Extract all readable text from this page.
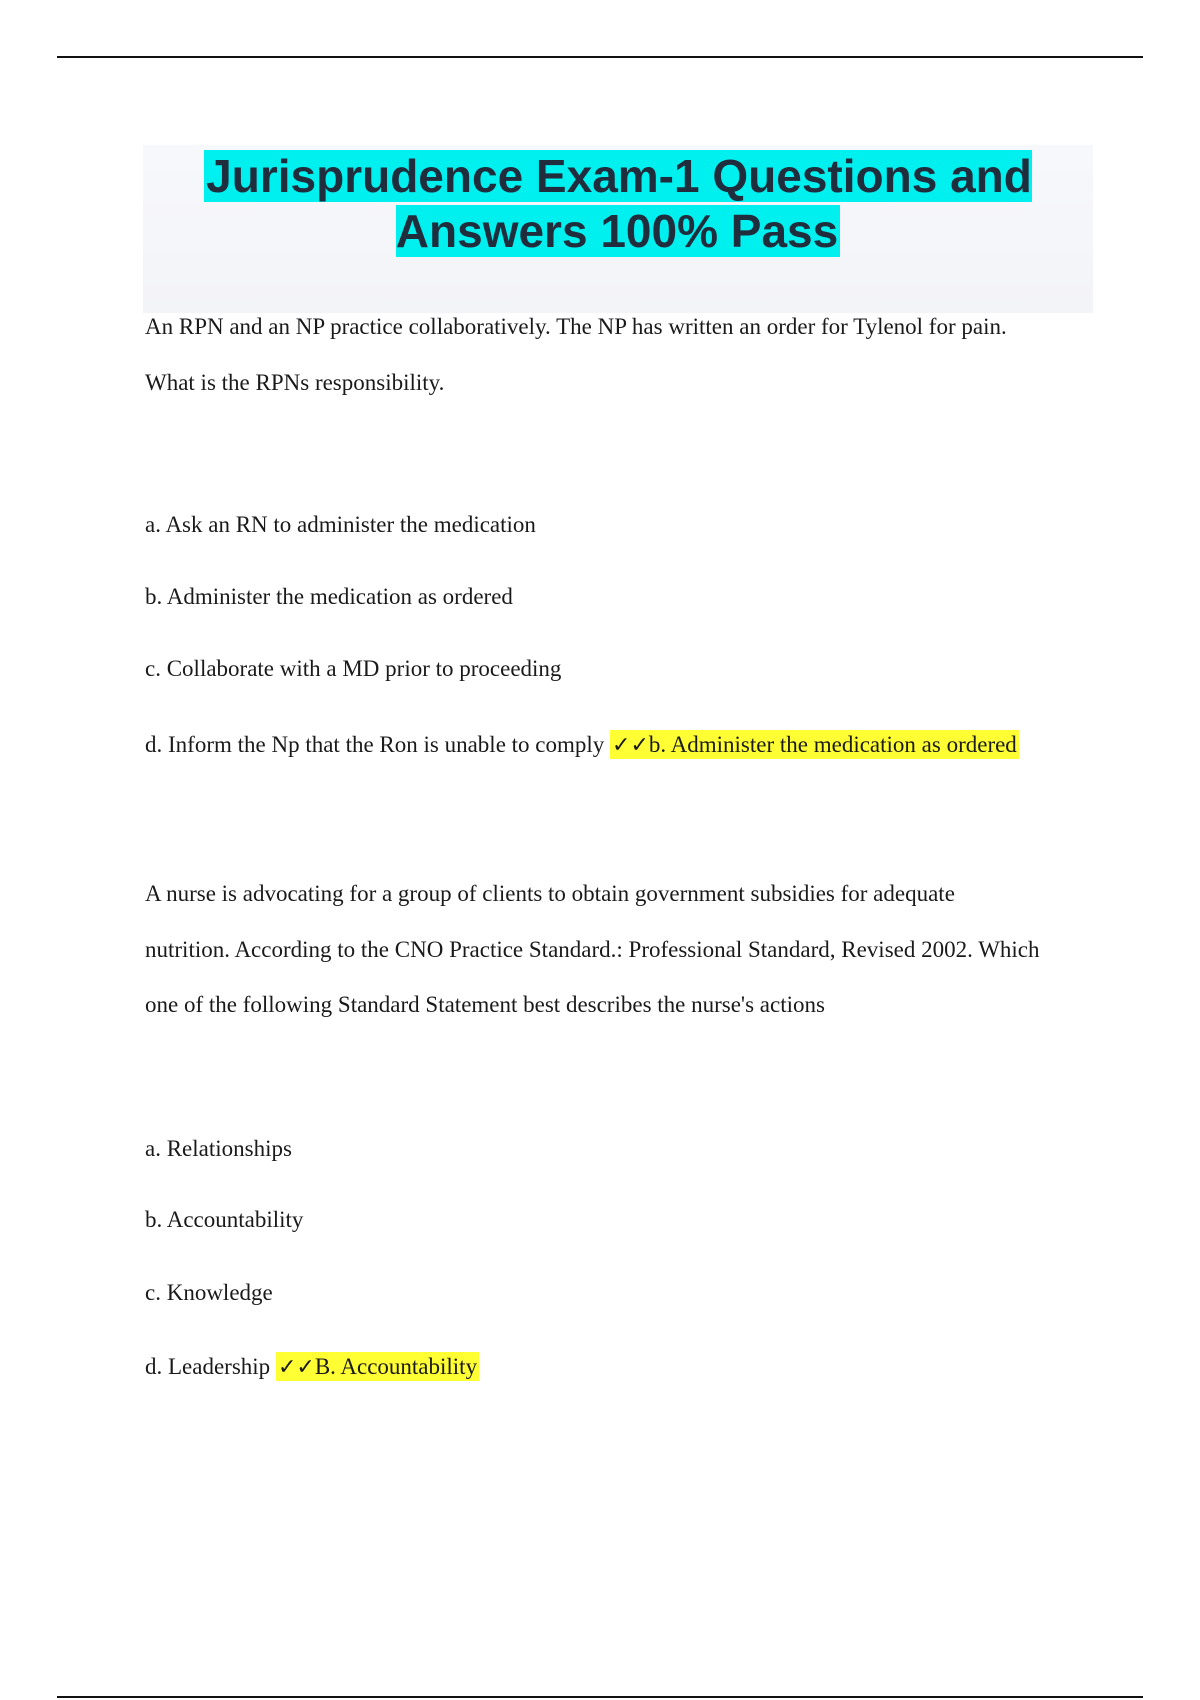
Jurisprudence Exam-1 Questions and Answers 100% Pass

An RPN and an NP practice collaboratively. The NP has written an order for Tylenol for pain.

What is the RPNs responsibility.

a. Ask an RN to administer the medication

b. Administer the medication as ordered

c. Collaborate with a MD prior to proceeding

d. Inform the Np that the Ron is unable to comply ✓✓b. Administer the medication as ordered

A nurse is advocating for a group of clients to obtain government subsidies for adequate

nutrition. According to the CNO Practice Standard.: Professional Standard, Revised 2002. Which

one of the following Standard Statement best describes the nurse's actions

a. Relationships

b. Accountability

c. Knowledge

d. Leadership ✓✓B. Accountability
